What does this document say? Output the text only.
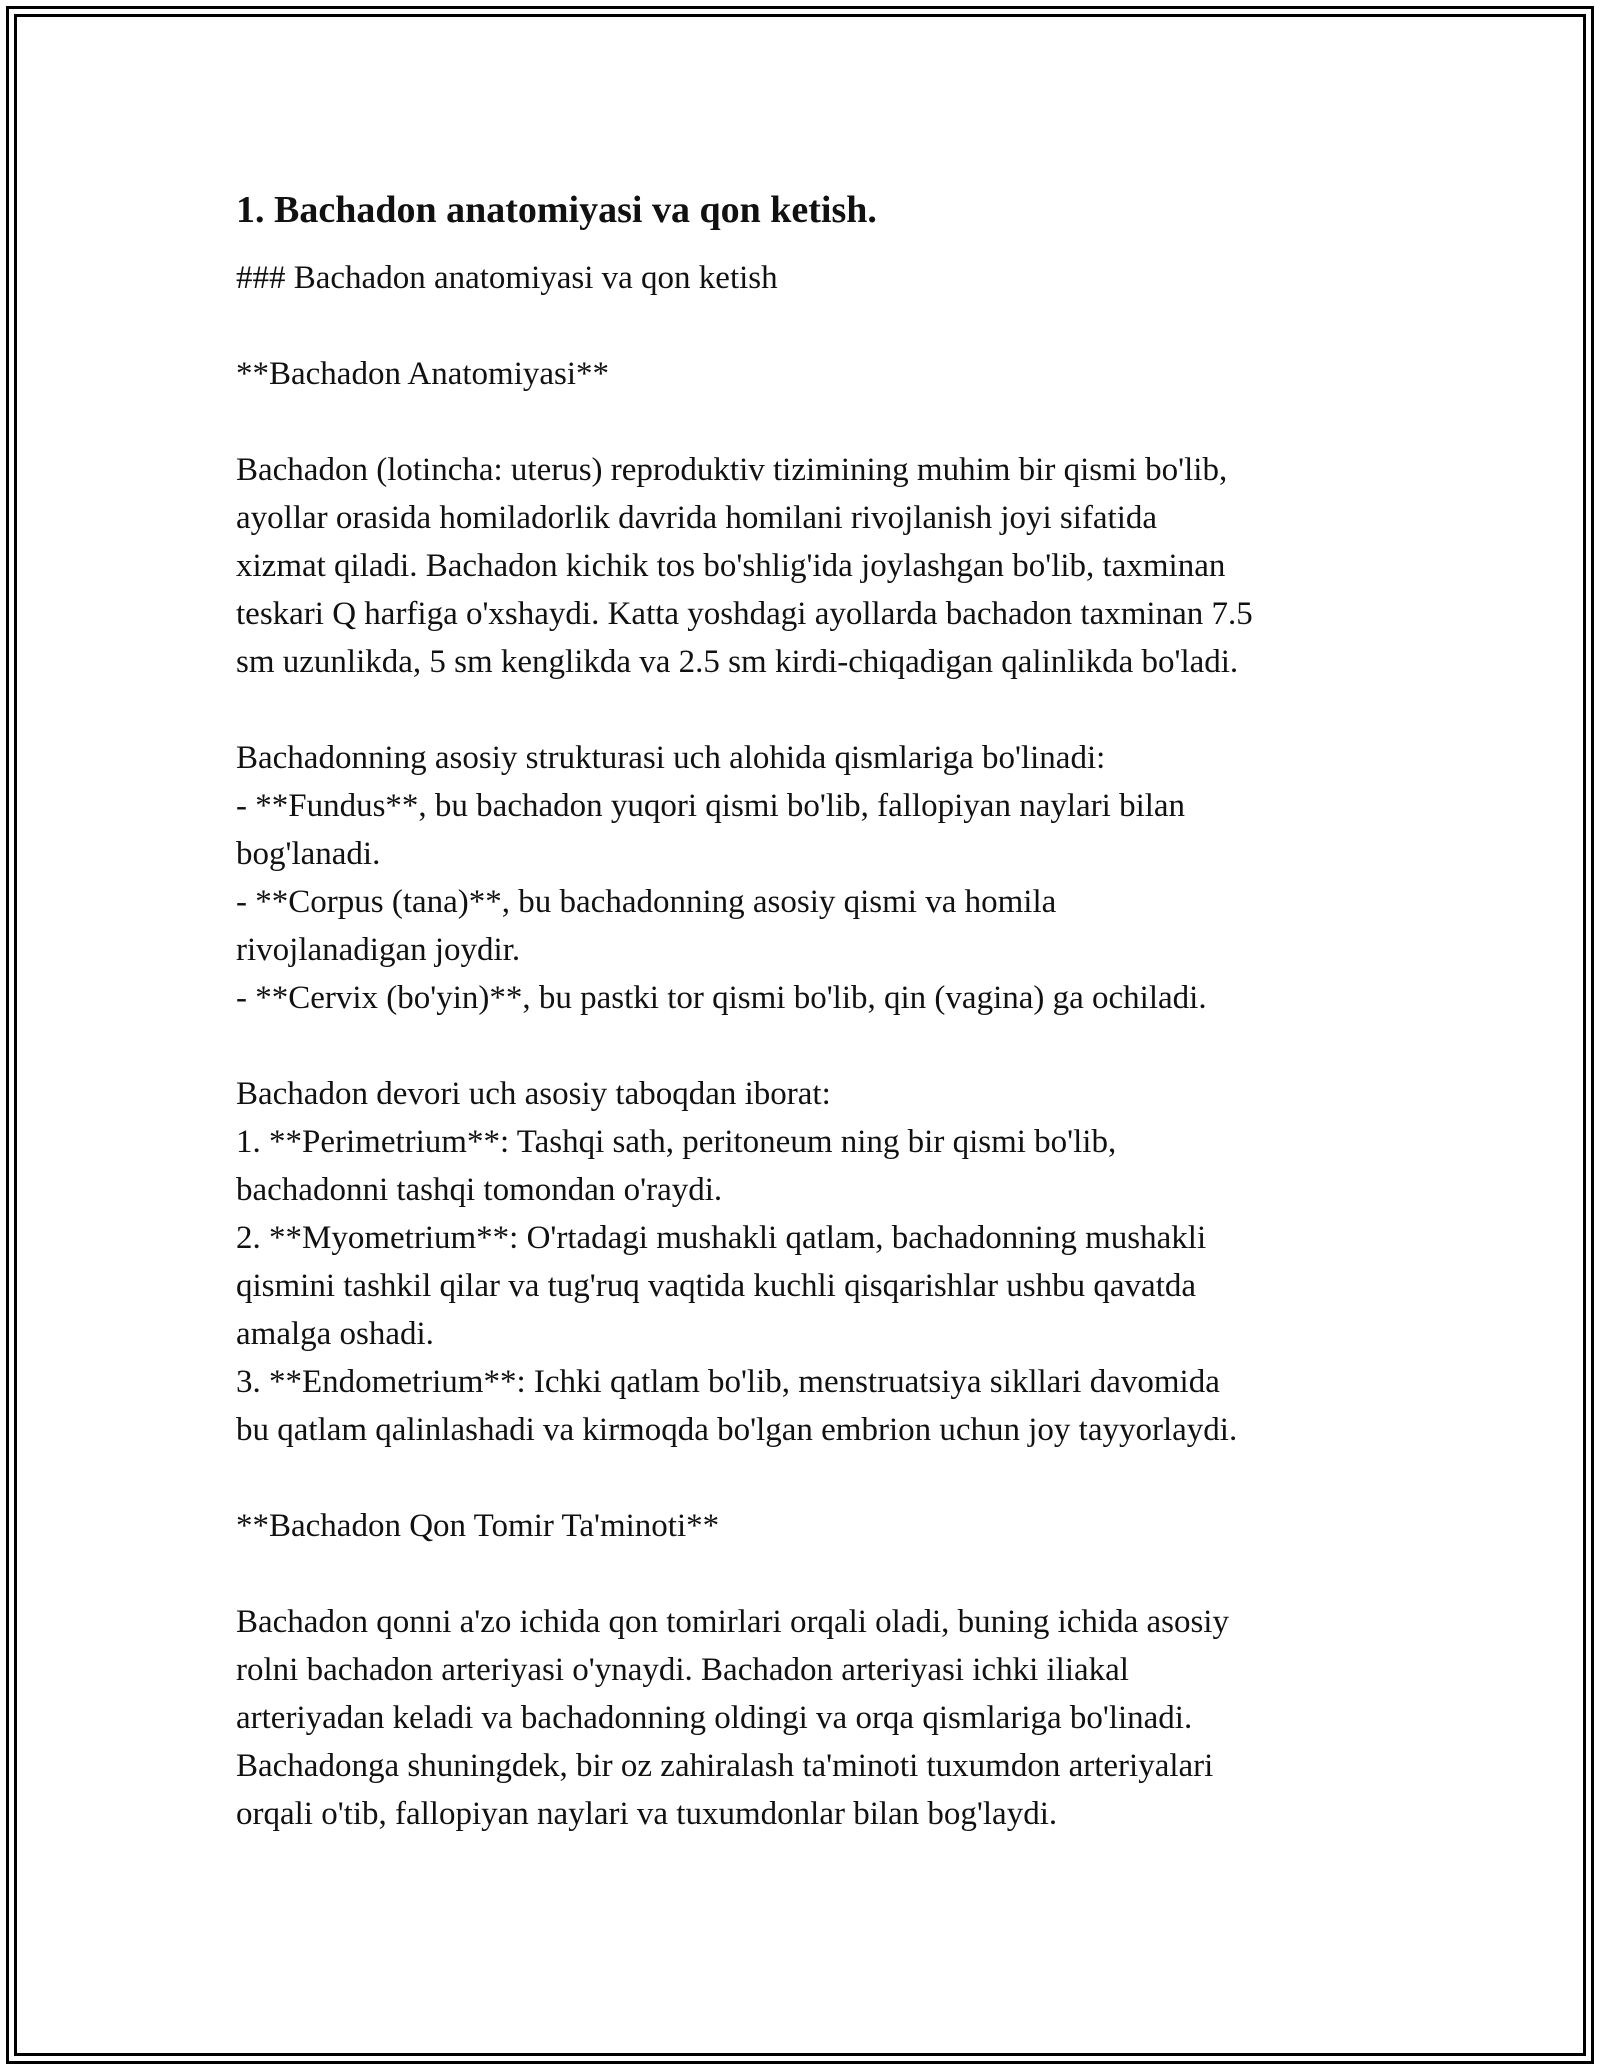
1. Bachadon anatomiyasi va qon ketish.

### Bachadon anatomiyasi va qon ketish

**Bachadon Anatomiyasi**

Bachadon (lotincha: uterus) reproduktiv tizimining muhim bir qismi bo'lib,
ayollar orasida homiladorlik davrida homilani rivojlanish joyi sifatida
xizmat qiladi. Bachadon kichik tos bo'shlig'ida joylashgan bo'lib, taxminan
teskari Q harfiga o'xshaydi. Katta yoshdagi ayollarda bachadon taxminan 7.5
sm uzunlikda, 5 sm kenglikda va 2.5 sm kirdi-chiqadigan qalinlikda bo'ladi.

Bachadonning asosiy strukturasi uch alohida qismlariga bo'linadi:
- **Fundus**, bu bachadon yuqori qismi bo'lib, fallopiyan naylari bilan
bog'lanadi.
- **Corpus (tana)**, bu bachadonning asosiy qismi va homila
rivojlanadigan joydir.
- **Cervix (bo'yin)**, bu pastki tor qismi bo'lib, qin (vagina) ga ochiladi.

Bachadon devori uch asosiy taboqdan iborat:
1. **Perimetrium**: Tashqi sath, peritoneum ning bir qismi bo'lib,
bachadonni tashqi tomondan o'raydi.
2. **Myometrium**: O'rtadagi mushakli qatlam, bachadonning mushakli
qismini tashkil qilar va tug'ruq vaqtida kuchli qisqarishlar ushbu qavatda
amalga oshadi.
3. **Endometrium**: Ichki qatlam bo'lib, menstruatsiya sikllari davomida
bu qatlam qalinlashadi va kirmoqda bo'lgan embrion uchun joy tayyorlaydi.

**Bachadon Qon Tomir Ta'minoti**

Bachadon qonni a'zo ichida qon tomirlari orqali oladi, buning ichida asosiy
rolni bachadon arteriyasi o'ynaydi. Bachadon arteriyasi ichki iliakal
arteriyadan keladi va bachadonning oldingi va orqa qismlariga bo'linadi.
Bachadonga shuningdek, bir oz zahiralash ta'minoti tuxumdon arteriyalari
orqali o'tib, fallopiyan naylari va tuxumdonlar bilan bog'laydi.
